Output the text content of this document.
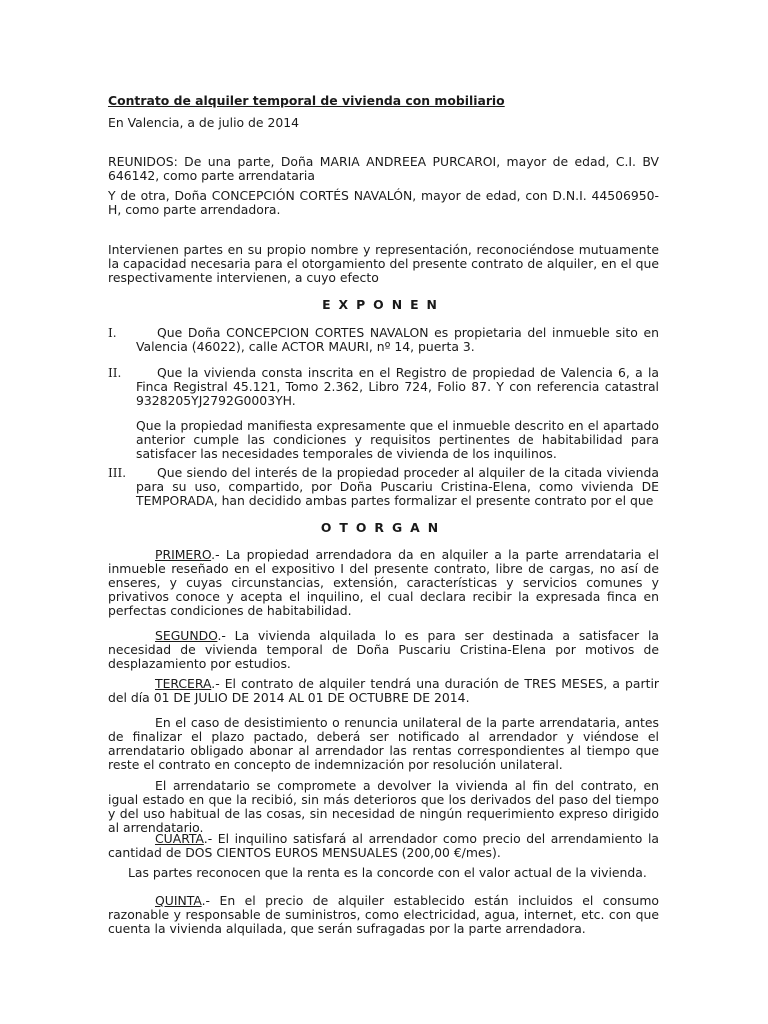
Contrato de alquiler temporal de vivienda con mobiliario

En Valencia, a de julio de 2014

REUNIDOS: De una parte, Doña MARIA ANDREEA PURCAROI, mayor de edad, C.I. BV 646142, como parte arrendataria

Y de otra, Doña CONCEPCIÓN CORTÉS NAVALÓN, mayor de edad, con D.N.I. 44506950-H, como parte arrendadora.

Intervienen partes en su propio nombre y representación, reconociéndose mutuamente la capacidad necesaria para el otorgamiento del presente contrato de alquiler, en el que respectivamente intervienen, a cuyo efecto

EXPONEN

I.	Que Doña CONCEPCION CORTES NAVALON es propietaria del inmueble sito en Valencia (46022), calle ACTOR MAURI, nº 14, puerta 3.

II.	Que la vivienda consta inscrita en el Registro de propiedad de Valencia 6, a la Finca Registral 45.121, Tomo 2.362, Libro 724, Folio 87. Y con referencia catastral 9328205YJ2792G0003YH.

Que la propiedad manifiesta expresamente que el inmueble descrito en el apartado anterior cumple las condiciones y requisitos pertinentes de habitabilidad para satisfacer las necesidades temporales de vivienda de los inquilinos.

III.	Que siendo del interés de la propiedad proceder al alquiler de la citada vivienda para su uso, compartido, por Doña Puscariu Cristina-Elena, como vivienda DE TEMPORADA, han decidido ambas partes formalizar el presente contrato por el que

OTORGAN

PRIMERO.- La propiedad arrendadora da en alquiler a la parte arrendataria el inmueble reseñado en el expositivo I del presente contrato, libre de cargas, no así de enseres, y cuyas circunstancias, extensión, características y servicios comunes y privativos conoce y acepta el inquilino, el cual declara recibir la expresada finca en perfectas condiciones de habitabilidad.

SEGUNDO.- La vivienda alquilada lo es para ser destinada a satisfacer la necesidad de vivienda temporal de Doña Puscariu Cristina-Elena por motivos de desplazamiento por estudios.

TERCERA.- El contrato de alquiler tendrá una duración de TRES MESES, a partir del día 01 DE JULIO DE 2014 AL 01 DE OCTUBRE DE 2014.

En el caso de desistimiento o renuncia unilateral de la parte arrendataria, antes de finalizar el plazo pactado, deberá ser notificado al arrendador y viéndose el arrendatario obligado abonar al arrendador las rentas correspondientes al tiempo que reste el contrato en concepto de indemnización por resolución unilateral.

El arrendatario se compromete a devolver la vivienda al fin del contrato, en igual estado en que la recibió, sin más deterioros que los derivados del paso del tiempo y del uso habitual de las cosas, sin necesidad de ningún requerimiento expreso dirigido al arrendatario.

CUARTA.- El inquilino satisfará al arrendador como precio del arrendamiento la cantidad de DOS CIENTOS EUROS MENSUALES (200,00 €/mes).

Las partes reconocen que la renta es la concorde con el valor actual de la vivienda.

QUINTA.- En el precio de alquiler establecido están incluidos el consumo razonable y responsable de suministros, como electricidad, agua, internet, etc. con que cuenta la vivienda alquilada, que serán sufragadas por la parte arrendadora.
